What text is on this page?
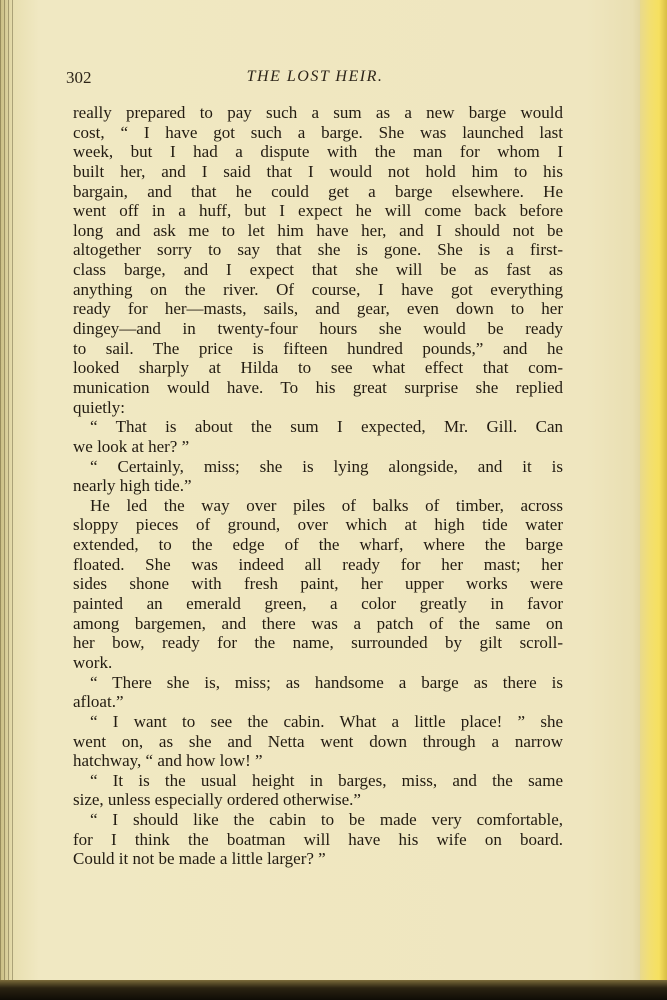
302	THE LOST HEIR.
really prepared to pay such a sum as a new barge would
cost, “ I have got such a barge. She was launched last
week, but I had a dispute with the man for whom I
built her, and I said that I would not hold him to his
bargain, and that he could get a barge elsewhere. He
went off in a huff, but I expect he will come back before
long and ask me to let him have her, and I should not be
altogether sorry to say that she is gone. She is a first-
class barge, and I expect that she will be as fast as
anything on the river. Of course, I have got everything
ready for her—masts, sails, and gear, even down to her
dingey—and in twenty-four hours she would be ready
to sail. The price is fifteen hundred pounds,” and he
looked sharply at Hilda to see what effect that com-
munication would have. To his great surprise she replied
quietly:
“ That is about the sum I expected, Mr. Gill. Can
we look at her? ”
“ Certainly, miss; she is lying alongside, and it is
nearly high tide.”
He led the way over piles of balks of timber, across
sloppy pieces of ground, over which at high tide water
extended, to the edge of the wharf, where the barge
floated. She was indeed all ready for her mast; her
sides shone with fresh paint, her upper works were
painted an emerald green, a color greatly in favor
among bargemen, and there was a patch of the same on
her bow, ready for the name, surrounded by gilt scroll-
work.
“ There she is, miss; as handsome a barge as there is
afloat.”
“ I want to see the cabin. What a little place! ” she
went on, as she and Netta went down through a narrow
hatchway, “ and how low! ”
“ It is the usual height in barges, miss, and the same
size, unless especially ordered otherwise.”
“ I should like the cabin to be made very comfortable,
for I think the boatman will have his wife on board.
Could it not be made a little larger? ”
